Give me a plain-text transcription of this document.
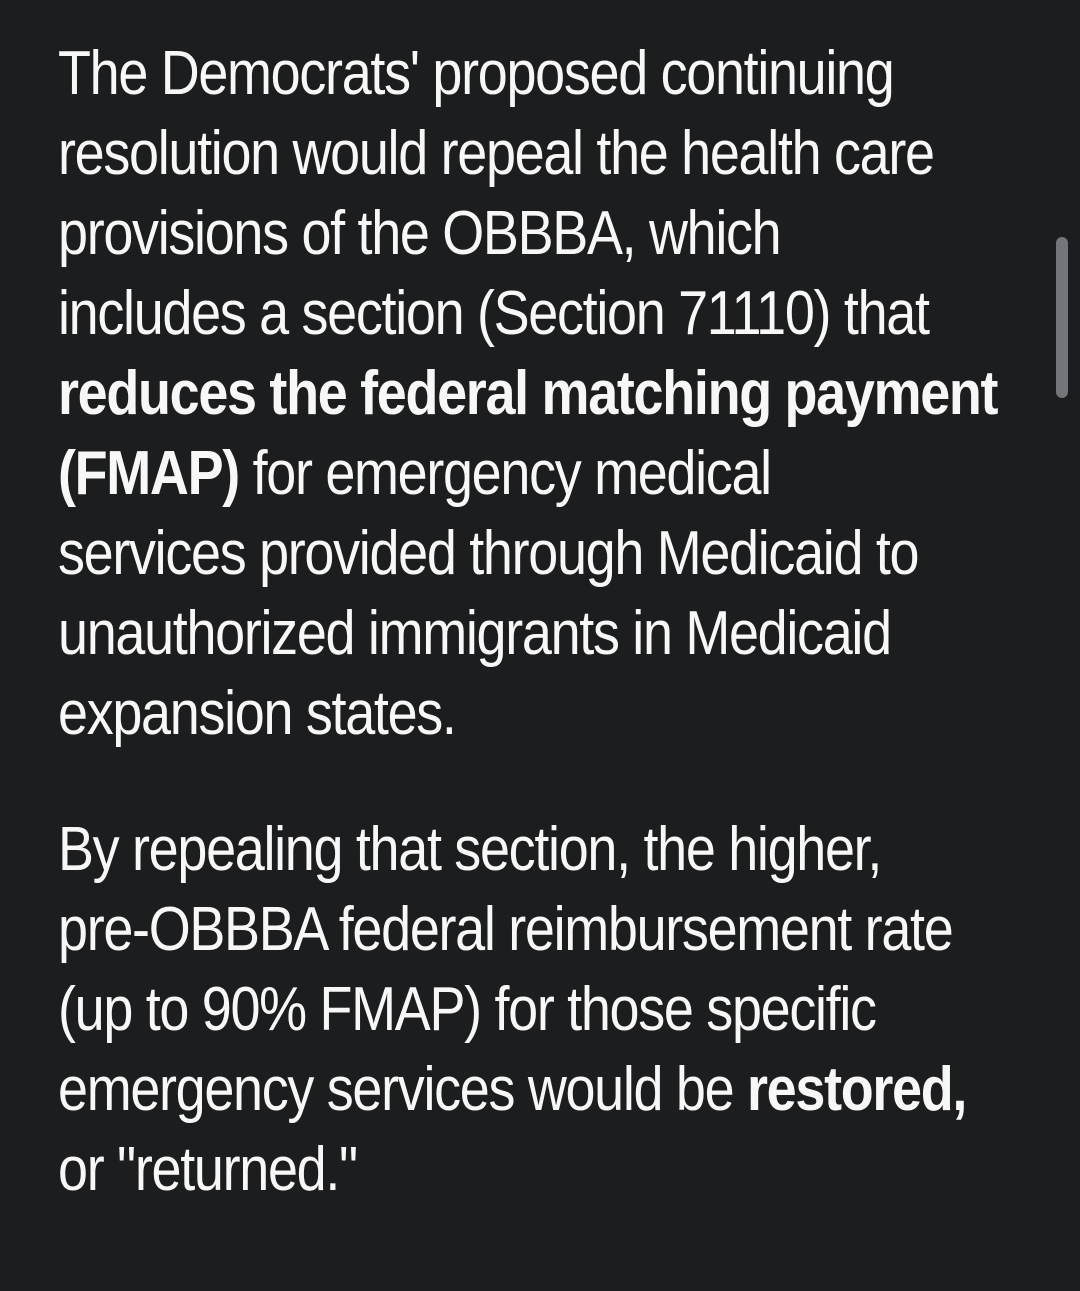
The Democrats' proposed continuing
resolution would repeal the health care
provisions of the OBBBA, which
includes a section (Section 71110) that
reduces the federal matching payment
(FMAP) for emergency medical
services provided through Medicaid to
unauthorized immigrants in Medicaid
expansion states.
By repealing that section, the higher,
pre-OBBBA federal reimbursement rate
(up to 90% FMAP) for those specific
emergency services would be restored,
or "returned."
